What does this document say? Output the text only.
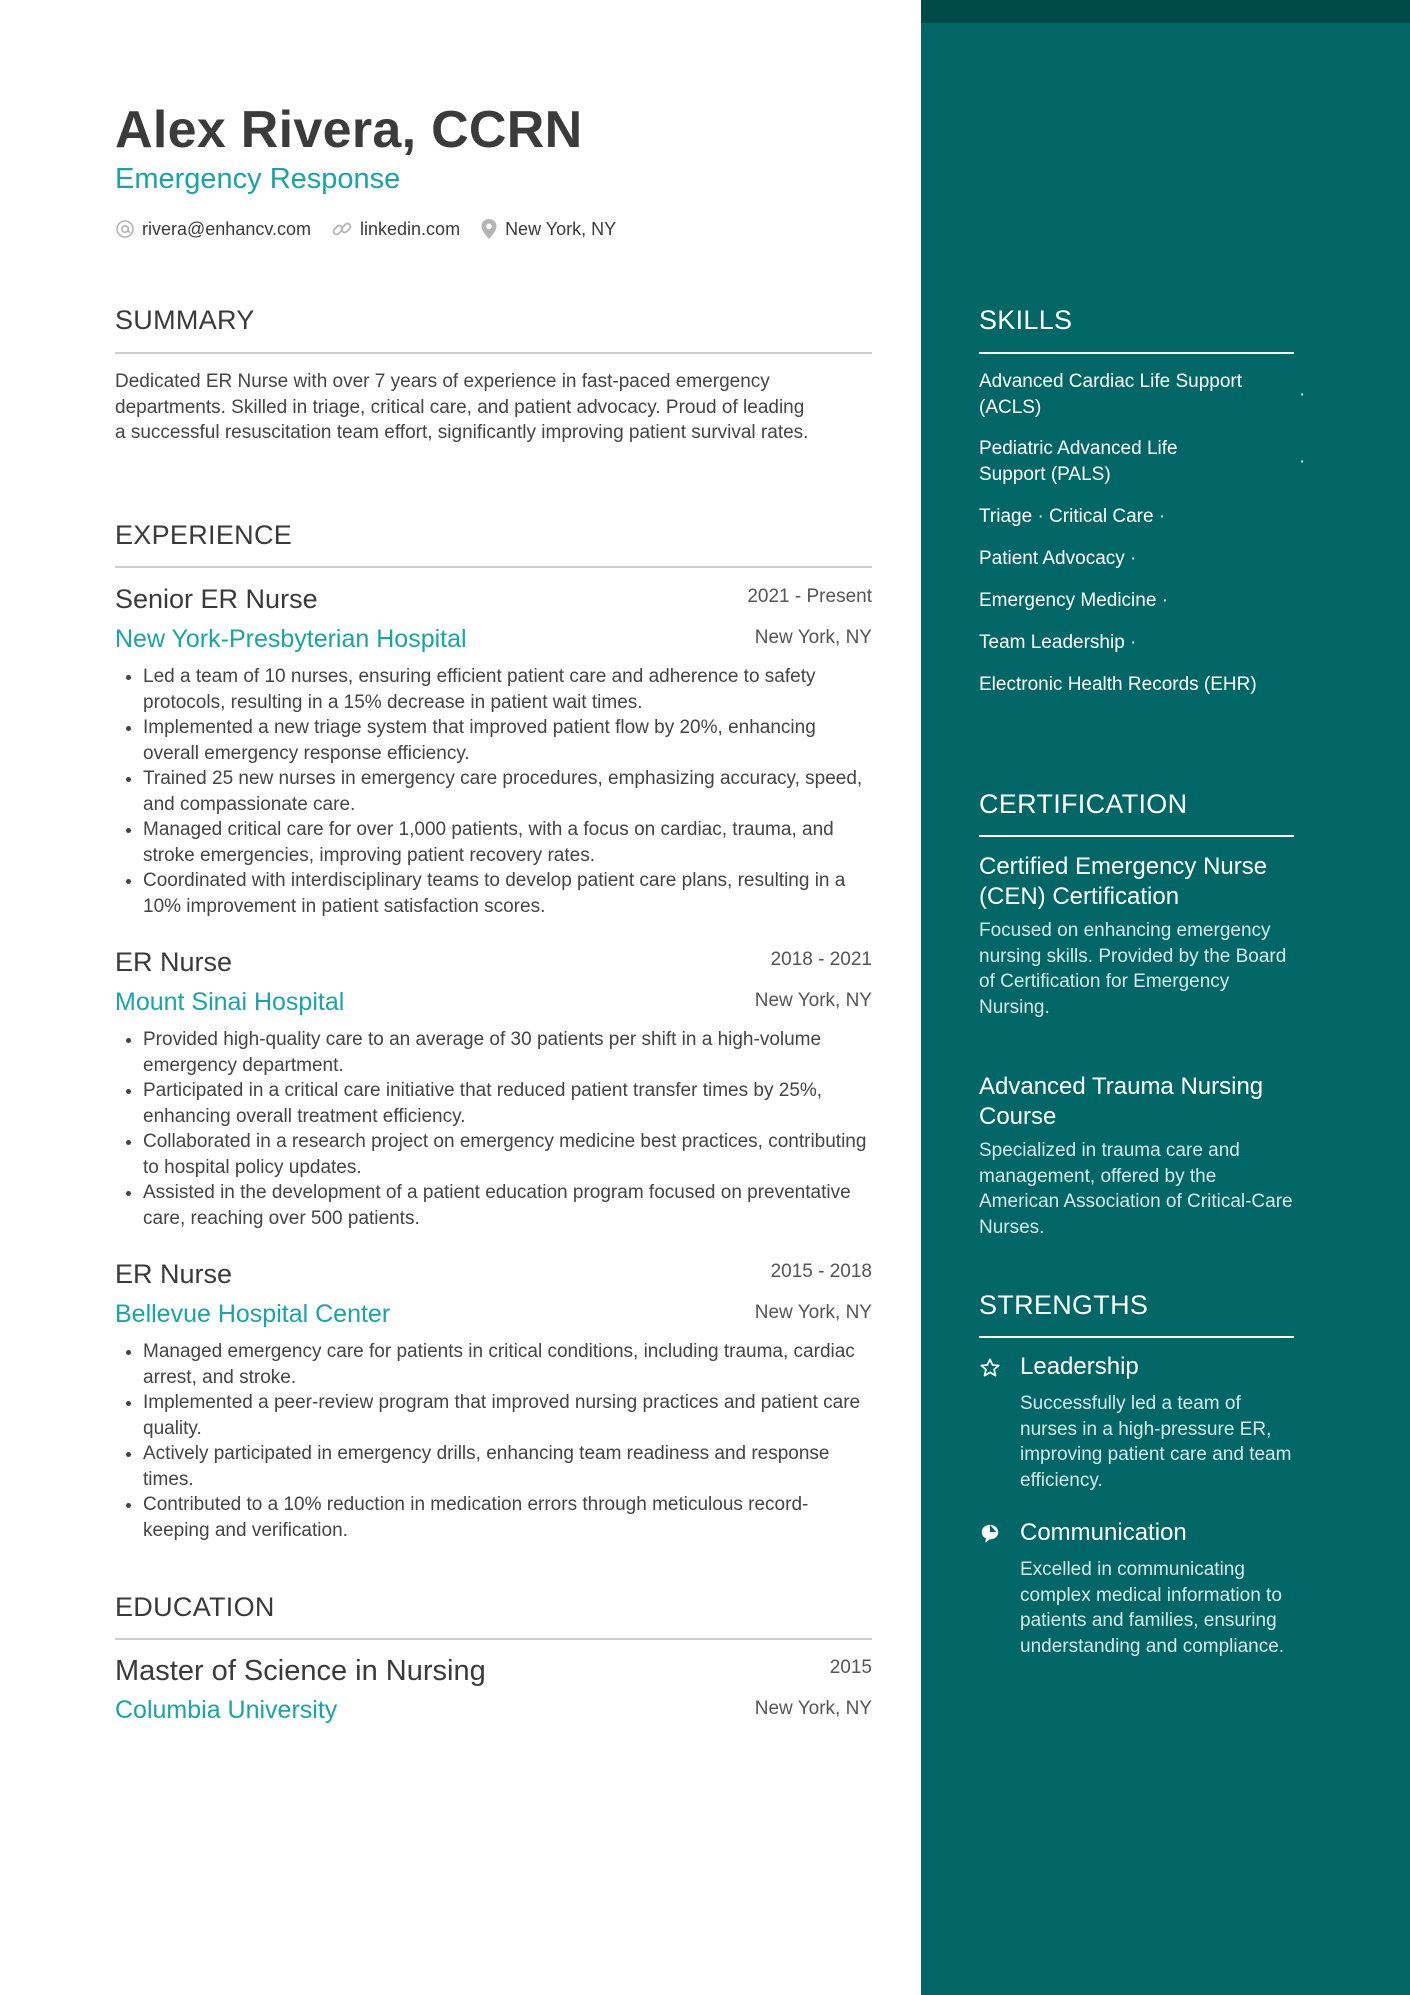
Alex Rivera, CCRN
Emergency Response
rivera@enhancv.com	linkedin.com	New York, NY
SUMMARY
Dedicated ER Nurse with over 7 years of experience in fast-paced emergency departments. Skilled in triage, critical care, and patient advocacy. Proud of leading a successful resuscitation team effort, significantly improving patient survival rates.
EXPERIENCE
Senior ER Nurse	2021 - Present
New York-Presbyterian Hospital	New York, NY
• Led a team of 10 nurses, ensuring efficient patient care and adherence to safety protocols, resulting in a 15% decrease in patient wait times.
• Implemented a new triage system that improved patient flow by 20%, enhancing overall emergency response efficiency.
• Trained 25 new nurses in emergency care procedures, emphasizing accuracy, speed, and compassionate care.
• Managed critical care for over 1,000 patients, with a focus on cardiac, trauma, and stroke emergencies, improving patient recovery rates.
• Coordinated with interdisciplinary teams to develop patient care plans, resulting in a 10% improvement in patient satisfaction scores.
ER Nurse	2018 - 2021
Mount Sinai Hospital	New York, NY
• Provided high-quality care to an average of 30 patients per shift in a high-volume emergency department.
• Participated in a critical care initiative that reduced patient transfer times by 25%, enhancing overall treatment efficiency.
• Collaborated in a research project on emergency medicine best practices, contributing to hospital policy updates.
• Assisted in the development of a patient education program focused on preventative care, reaching over 500 patients.
ER Nurse	2015 - 2018
Bellevue Hospital Center	New York, NY
• Managed emergency care for patients in critical conditions, including trauma, cardiac arrest, and stroke.
• Implemented a peer-review program that improved nursing practices and patient care quality.
• Actively participated in emergency drills, enhancing team readiness and response times.
• Contributed to a 10% reduction in medication errors through meticulous record-keeping and verification.
EDUCATION
Master of Science in Nursing	2015
Columbia University	New York, NY
SKILLS
Advanced Cardiac Life Support (ACLS)
·
Pediatric Advanced Life Support (PALS)
·
Triage · Critical Care ·
Patient Advocacy ·
Emergency Medicine ·
Team Leadership ·
Electronic Health Records (EHR)
CERTIFICATION
Certified Emergency Nurse (CEN) Certification
Focused on enhancing emergency nursing skills. Provided by the Board of Certification for Emergency Nursing.
Advanced Trauma Nursing Course
Specialized in trauma care and management, offered by the American Association of Critical-Care Nurses.
STRENGTHS
Leadership
Successfully led a team of nurses in a high-pressure ER, improving patient care and team efficiency.
Communication
Excelled in communicating complex medical information to patients and families, ensuring understanding and compliance.
